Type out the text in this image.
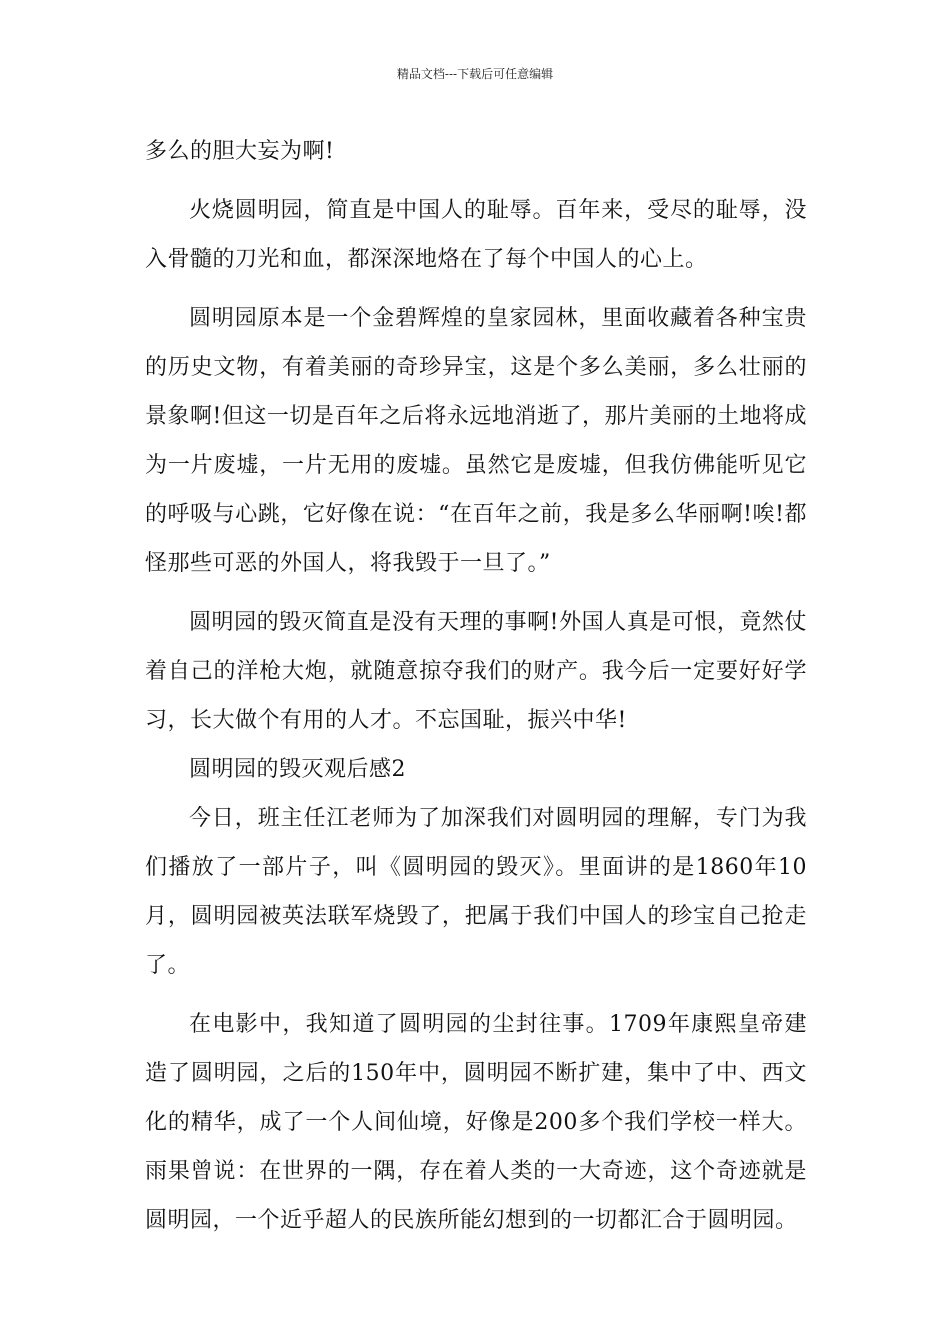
精品文档---下载后可任意编辑

多么的胆大妄为啊!

火烧圆明园，简直是中国人的耻辱。百年来，受尽的耻辱，没入骨髓的刀光和血，都深深地烙在了每个中国人的心上。

圆明园原本是一个金碧辉煌的皇家园林，里面收藏着各种宝贵的历史文物，有着美丽的奇珍异宝，这是个多么美丽，多么壮丽的景象啊!但这一切是百年之后将永远地消逝了，那片美丽的土地将成为一片废墟，一片无用的废墟。虽然它是废墟，但我仿佛能听见它的呼吸与心跳，它好像在说：“在百年之前，我是多么华丽啊!唉!都怪那些可恶的外国人，将我毁于一旦了。”

圆明园的毁灭简直是没有天理的事啊!外国人真是可恨，竟然仗着自己的洋枪大炮，就随意掠夺我们的财产。我今后一定要好好学习，长大做个有用的人才。不忘国耻，振兴中华!

圆明园的毁灭观后感2

今日，班主任江老师为了加深我们对圆明园的理解，专门为我们播放了一部片子，叫《圆明园的毁灭》。里面讲的是1860年10月，圆明园被英法联军烧毁了，把属于我们中国人的珍宝自己抢走了。

在电影中，我知道了圆明园的尘封往事。1709年康熙皇帝建造了圆明园，之后的150年中，圆明园不断扩建，集中了中、西文化的精华，成了一个人间仙境，好像是200多个我们学校一样大。雨果曾说：在世界的一隅，存在着人类的一大奇迹，这个奇迹就是圆明园，一个近乎超人的民族所能幻想到的一切都汇合于圆明园。
